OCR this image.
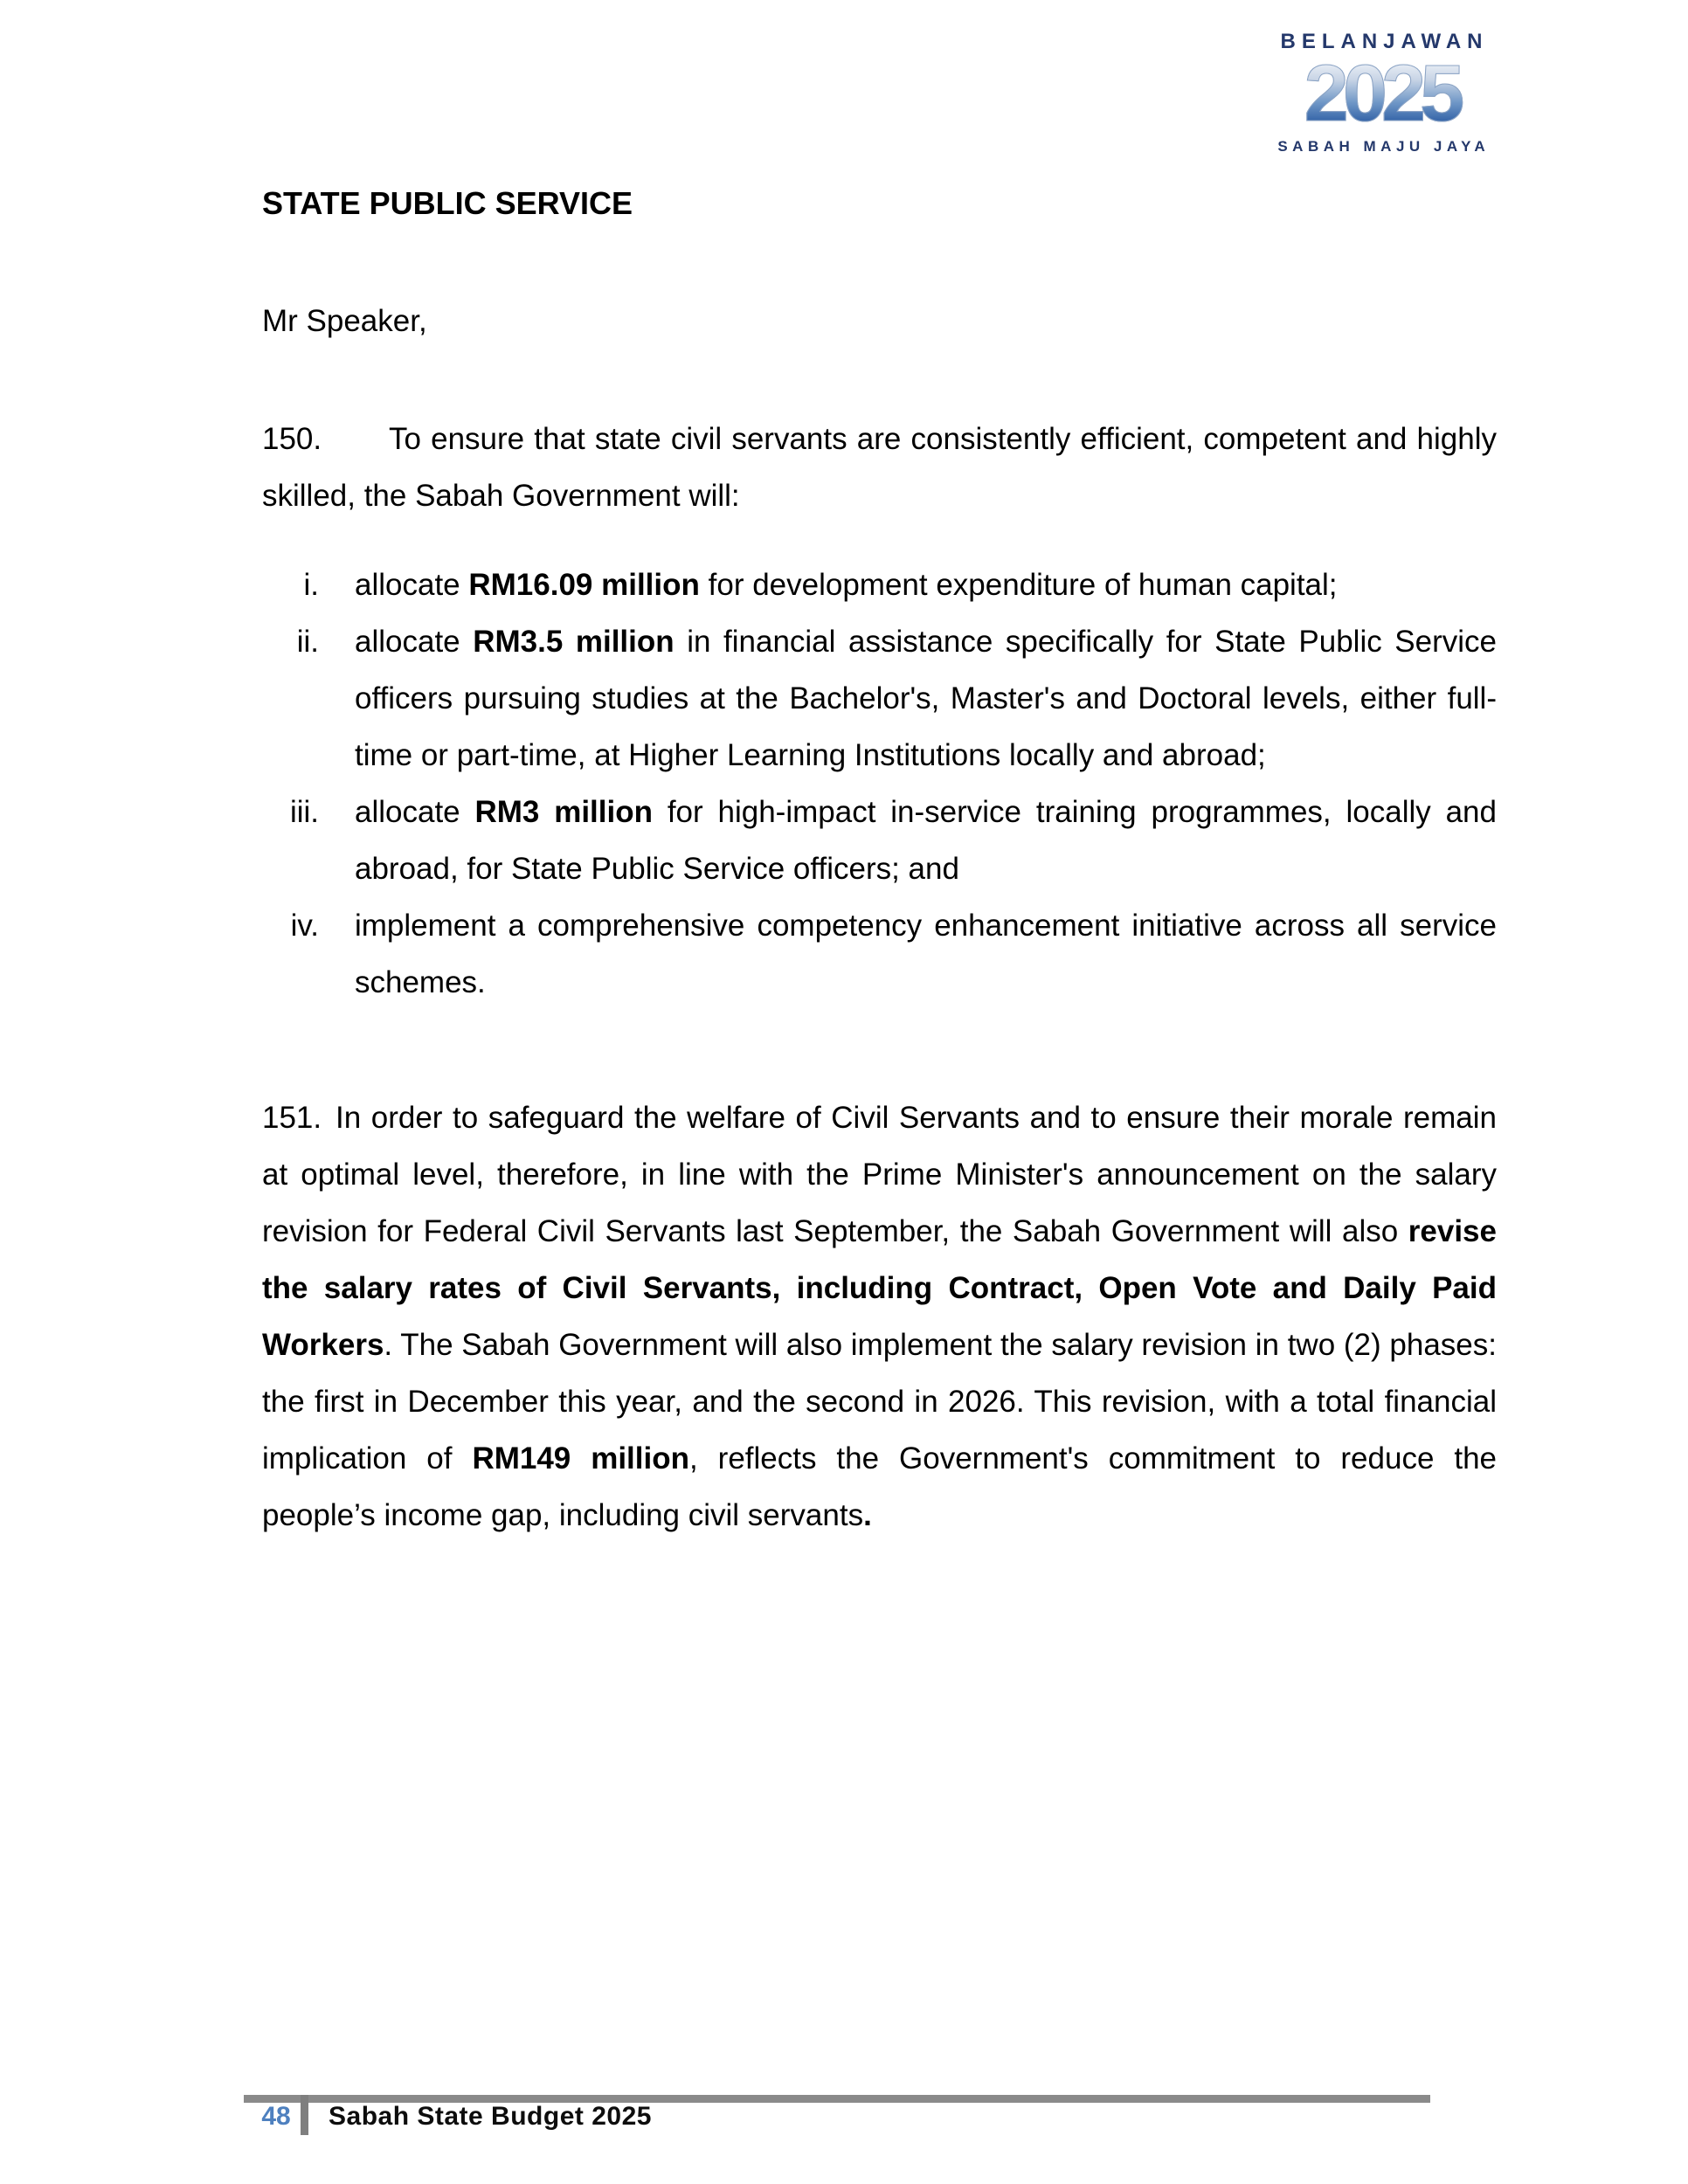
BELANJAWAN
2025
SABAH MAJU JAYA
STATE PUBLIC SERVICE
Mr Speaker,
150. To ensure that state civil servants are consistently efficient, competent and highly skilled, the Sabah Government will:
i. allocate RM16.09 million for development expenditure of human capital;
ii. allocate RM3.5 million in financial assistance specifically for State Public Service officers pursuing studies at the Bachelor's, Master's and Doctoral levels, either full-time or part-time, at Higher Learning Institutions locally and abroad;
iii. allocate RM3 million for high-impact in-service training programmes, locally and abroad, for State Public Service officers; and
iv. implement a comprehensive competency enhancement initiative across all service schemes.
151. In order to safeguard the welfare of Civil Servants and to ensure their morale remain at optimal level, therefore, in line with the Prime Minister's announcement on the salary revision for Federal Civil Servants last September, the Sabah Government will also revise the salary rates of Civil Servants, including Contract, Open Vote and Daily Paid Workers. The Sabah Government will also implement the salary revision in two (2) phases: the first in December this year, and the second in 2026. This revision, with a total financial implication of RM149 million, reflects the Government's commitment to reduce the people’s income gap, including civil servants.
48 Sabah State Budget 2025
